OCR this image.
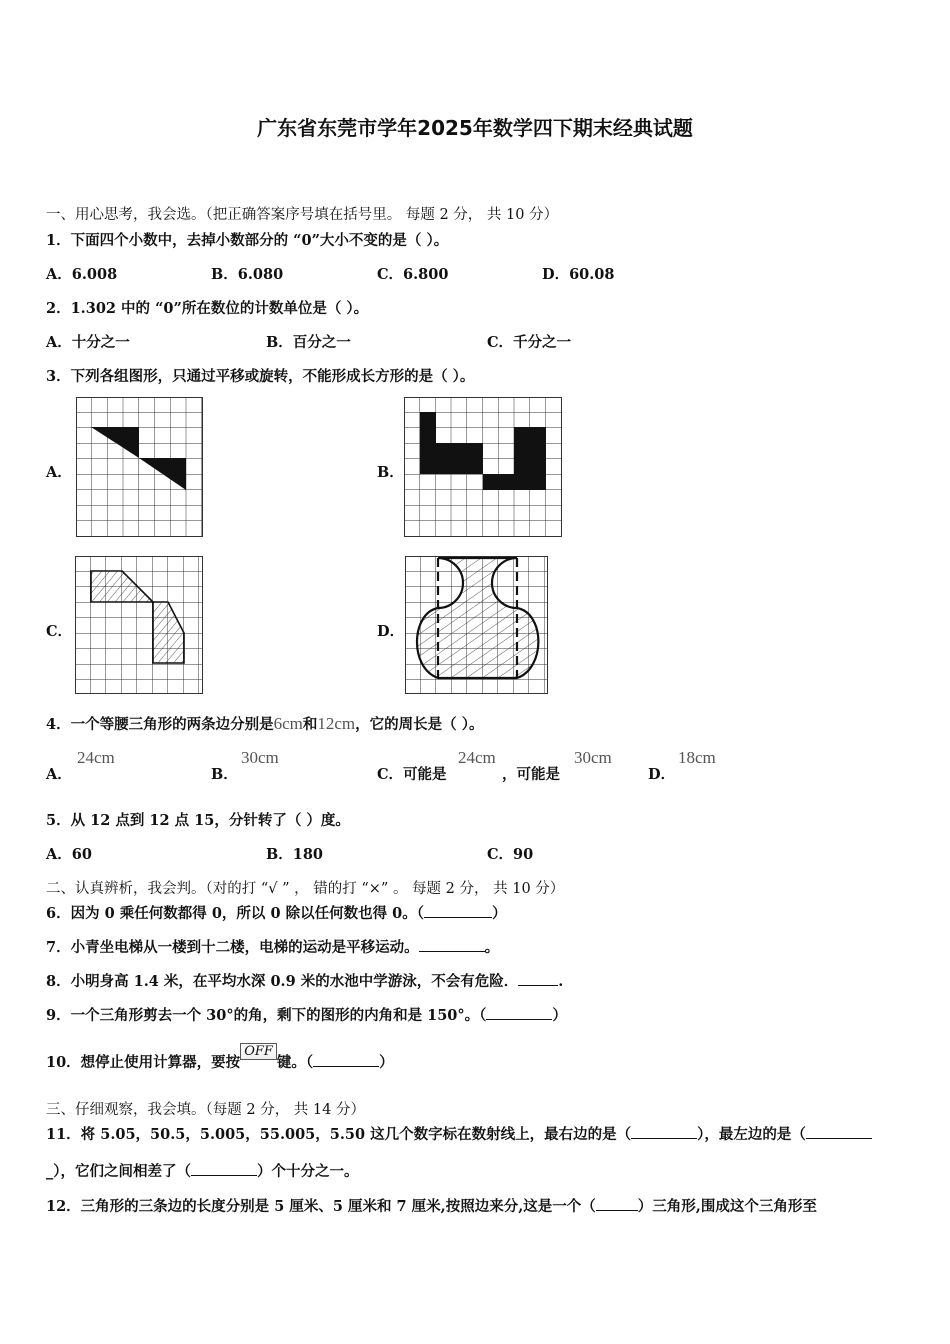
广东省东莞市学年2025年数学四下期末经典试题
一、用心思考，我会选。（把正确答案序号填在括号里。 每题 2 分， 共 10 分）
1．下面四个小数中，去掉小数部分的 “0”大小不变的是（ ）。
A．6.008	B．6.080	C．6.800	D．60.08
2．1.302 中的 “0”所在数位的计数单位是（ ）。
A．十分之一	B．百分之一	C．千分之一
3．下列各组图形，只通过平移或旋转，不能形成长方形的是（ ）。
A．	B．
C．	D．
4．一个等腰三角形的两条边分别是6cm和12cm，它的周长是（ ）。
A．
24cm
B．
30cm
C．可能是
24cm
，可能是
30cm
D．
18cm
5．从 12 点到 12 点 15，分针转了（ ）度。
A．60	B．180	C．90
二、认真辨析，我会判。（对的打 “√ ” ， 错的打 “×” 。 每题 2 分， 共 10 分）
6．因为 0 乘任何数都得 0，所以 0 除以任何数也得 0。（	）
7．小青坐电梯从一楼到十二楼，电梯的运动是平移运动。	。
8．小明身高 1.4 米，在平均水深 0.9 米的水池中学游泳，不会有危险．	.
9．一个三角形剪去一个 30°的角，剩下的图形的内角和是 150°。（	）
10．想停止使用计算器，要按OFF键。（	）
三、仔细观察，我会填。（每题 2 分， 共 14 分）
11．将 5.05，50.5，5.005，55.005，5.50 这几个数字标在数射线上，最右边的是（	），最左边的是（
_），它们之间相差了（	）个十分之一。
12．三角形的三条边的长度分别是 5 厘米、5 厘米和 7 厘米,按照边来分,这是一个（	）三角形,围成这个三角形至
